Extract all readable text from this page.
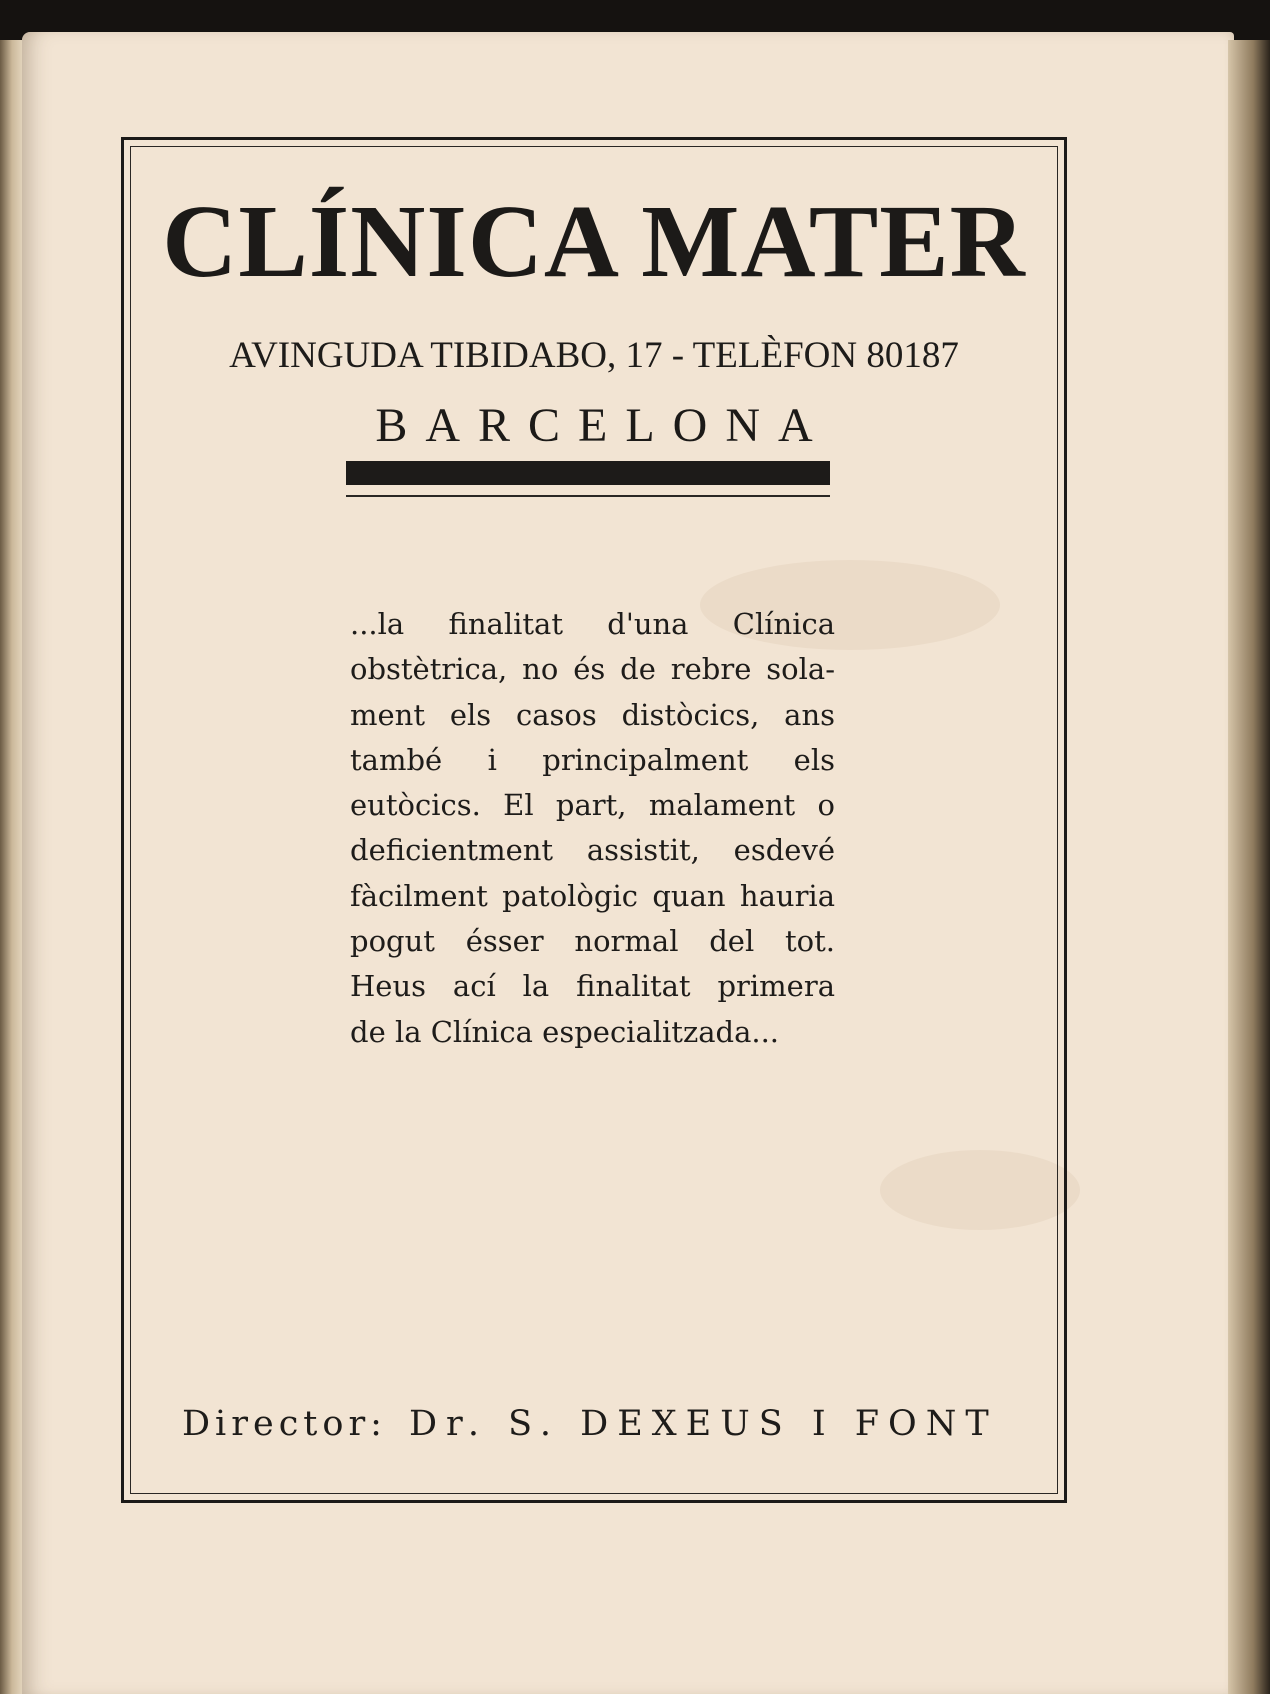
CLÍNICA MATER

AVINGUDA TIBIDABO, 17 - TELÈFON 80187

BARCELONA

...la finalitat d'una Clínica
obstètrica, no és de rebre sola-
ment els casos distòcics, ans
també i principalment els
eutòcics. El part, malament o
deficientment assistit, esdevé
fàcilment patològic quan hauria
pogut ésser normal del tot.
Heus ací la finalitat primera
de la Clínica especialitzada...

Director: Dr. S. DEXEUS I FONT
